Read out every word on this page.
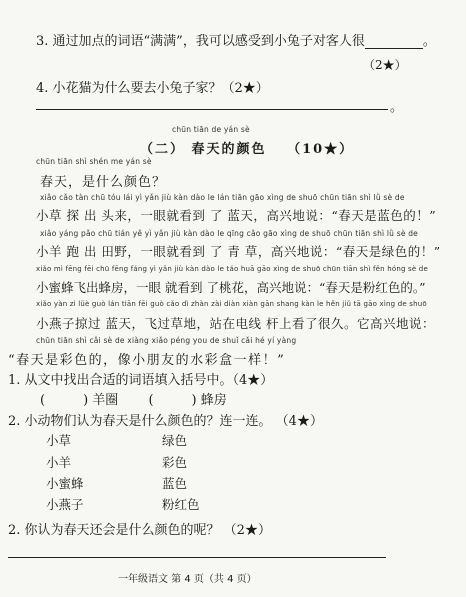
3. 通过加点的词语“满满”，我可以感受到小兔子对客人很	。
（2★）
4. 小花猫为什么要去小兔子家？（2★）
。
chūn tiān de yán sè
（二） 春天的颜色 （10★）
chūn tiān shì shén me yán sè
春天，是什么颜色？
xiǎo cǎo tàn chū tóu lái yì yǎn jiù kàn dào le lán tiān gāo xìng de shuō chūn tiān shì lǜ sè de
小草 探 出 头来，一眼就看到 了 蓝天，高兴地说：“春天是蓝色的！”
xiǎo yáng pǎo chū tián yě yì yǎn jiù kàn dào le qīng cǎo gāo xìng de shuō chūn tiān shì lǜ sè de
小羊 跑 出 田野，一眼就看到 了 青 草，高兴地说：“春天是绿色的！”
xiǎo mì fēng fēi chū fēng fáng yì yǎn jiù kàn dào le táo huā gāo xìng de shuō chūn tiān shì fěn hóng sè de
小蜜蜂飞出蜂房，一眼 就看到 了桃花，高兴地说：“春天是粉红色的。”
xiǎo yàn zi lüè guò lán tiān fēi guò cǎo dì zhàn zài diàn xiàn gān shang kàn le hěn jiǔ tā gāo xìng de shuō
小燕子掠过 蓝天，飞过草地，站在电线 杆上看了很久。它高兴地说：
chūn tiān shì cǎi sè de xiàng xiǎo péng you de shuǐ cǎi hé yí yàng
“春天是彩色的，像小朋友的水彩盒一样！”
1. 从文中找出合适的词语填入括号中。（4★）
(	) 羊圈 (	) 蜂房
2. 小动物们认为春天是什么颜色的？连一连。 （4★）
小草	绿色
小羊	彩色
小蜜蜂	蓝色
小燕子	粉红色
2. 你认为春天还会是什么颜色的呢？ （2★）
一年级语文 第 4 页（共 4 页）
